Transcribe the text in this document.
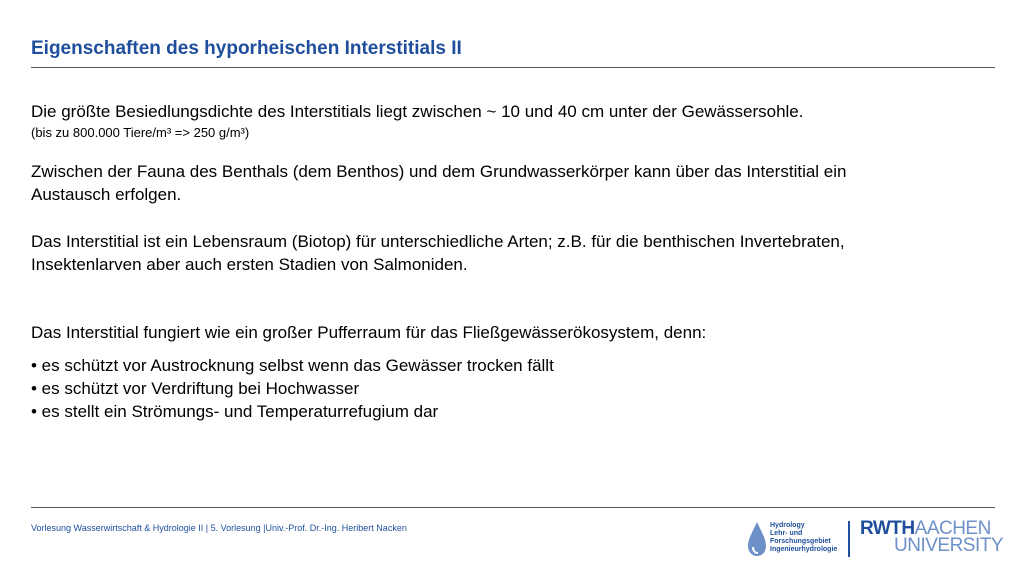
Eigenschaften des hyporheischen Interstitials II
Die größte Besiedlungsdichte des Interstitials liegt zwischen ~ 10 und 40 cm unter der Gewässersohle.
(bis zu 800.000 Tiere/m³ => 250 g/m³)
Zwischen der Fauna des Benthals (dem Benthos) und dem Grundwasserkörper kann über das Interstitial ein
Austausch erfolgen.
Das Interstitial ist ein Lebensraum (Biotop) für unterschiedliche Arten; z.B. für die benthischen Invertebraten,
Insektenlarven aber auch ersten Stadien von Salmoniden.
Das Interstitial fungiert wie ein großer Pufferraum für das Fließgewässerökosystem, denn:
• es schützt vor Austrocknung selbst wenn das Gewässer trocken fällt
• es schützt vor Verdriftung bei Hochwasser
• es stellt ein Strömungs- und Temperaturrefugium dar
Vorlesung Wasserwirtschaft & Hydrologie II | 5. Vorlesung |Univ.-Prof. Dr.-Ing. Heribert Nacken	Hydrology
Lehr- und
Forschungsgebiet
Ingenieurhydrologie
RWTHAACHEN
UNIVERSITY
